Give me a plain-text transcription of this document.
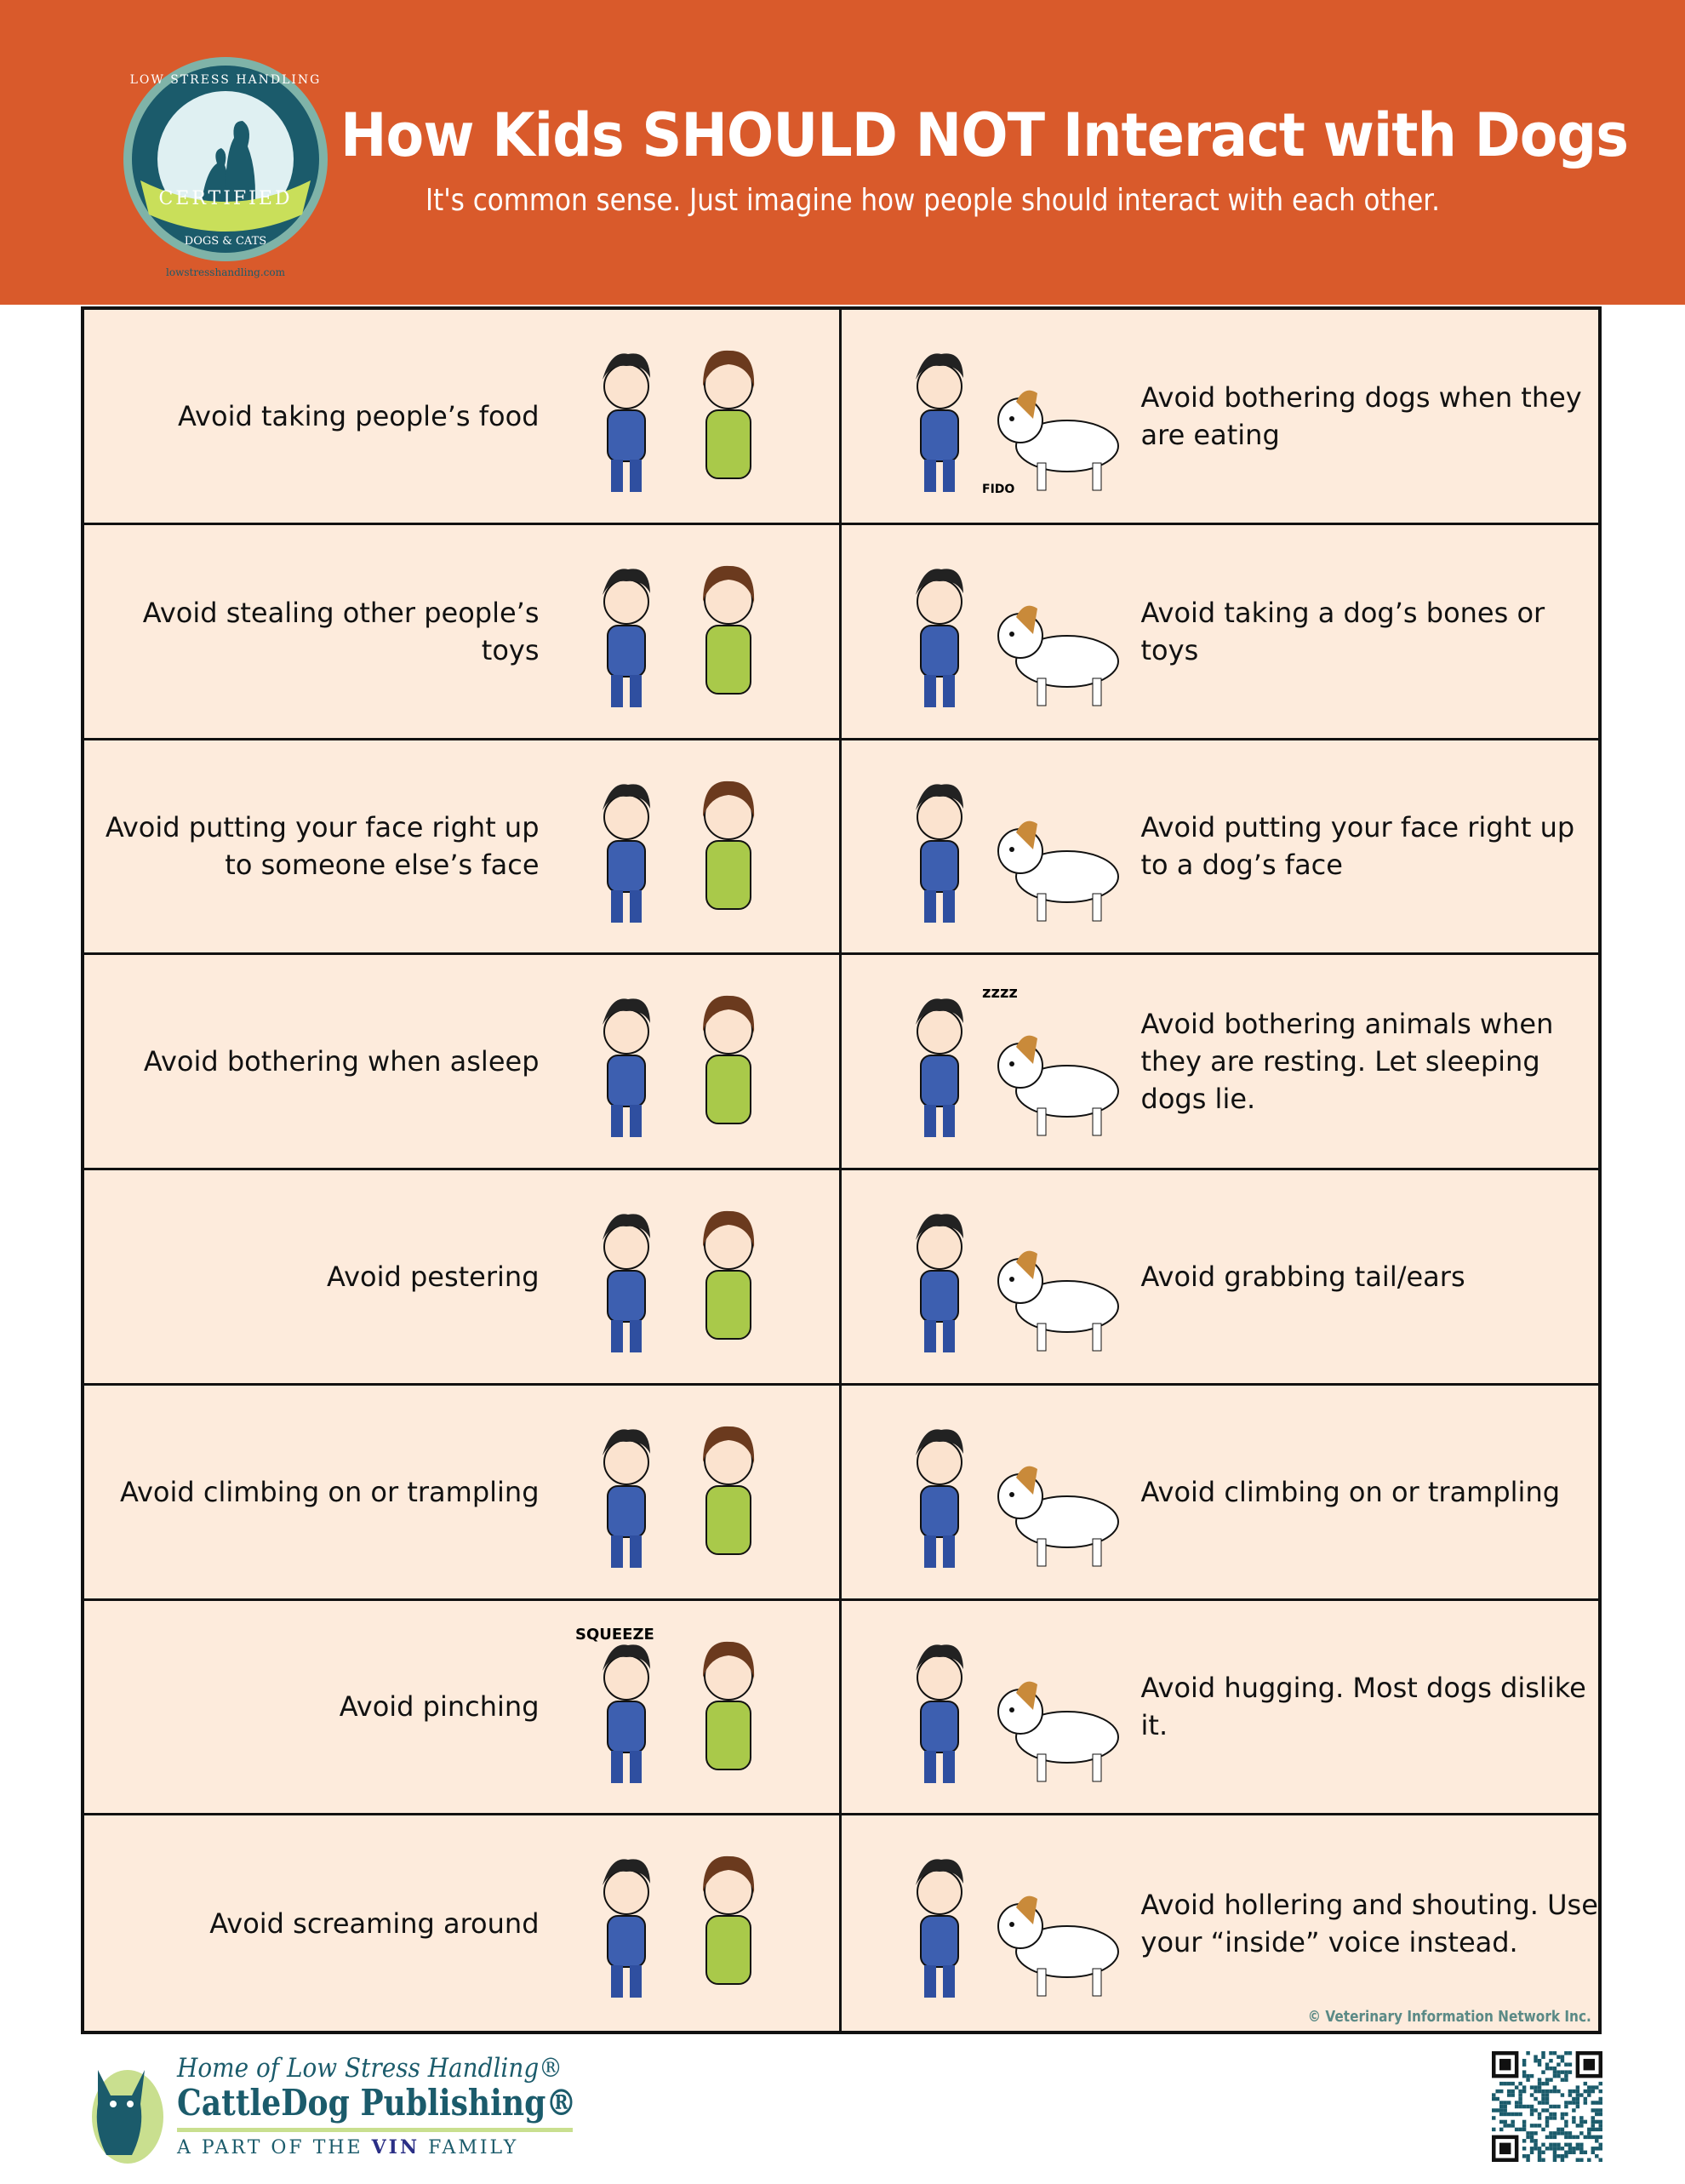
CERTIFIED
LOW STRESS HANDLING
DOGS & CATS
lowstresshandling.com
How Kids SHOULD NOT Interact with Dogs
It's common sense. Just imagine how people should interact with each other.
Avoid taking people’s food
FIDO
Avoid bothering dogs when they are eating
Avoid stealing other people’s toys
Avoid taking a dog’s bones or toys
Avoid putting your face right up to someone else’s face
Avoid putting your face right up to a dog’s face
Avoid bothering when asleep
zzzz
Avoid bothering animals when they are resting. Let sleeping dogs lie.
Avoid pestering	Avoid grabbing tail/ears
Avoid climbing on or trampling	Avoid climbing on or trampling
SQUEEZE
Avoid pinching
Avoid hugging. Most dogs dislike it.
Avoid screaming around
Avoid hollering and shouting. Use your “inside” voice instead.
© Veterinary Information Network Inc.
Home of Low Stress Handling®
CattleDog Publishing®
A PART OF THE VIN FAMILY
